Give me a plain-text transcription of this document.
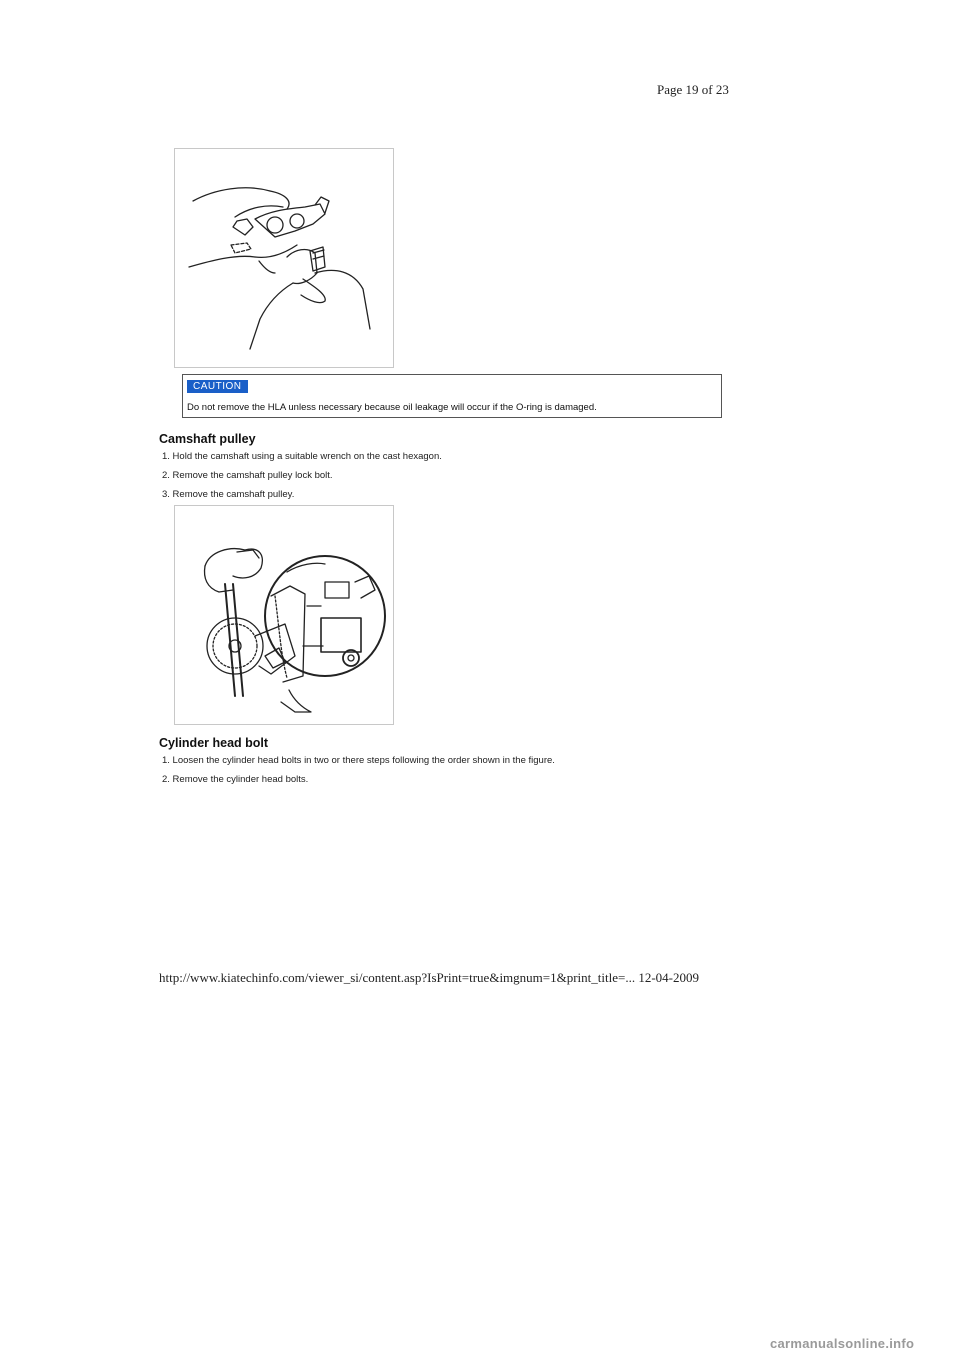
Page 19 of 23
CAUTION
Do not remove the HLA unless necessary because oil leakage will occur if the O-ring is damaged.
Camshaft pulley
1. Hold the camshaft using a suitable wrench on the cast hexagon.
2. Remove the camshaft pulley lock bolt.
3. Remove the camshaft pulley.
Cylinder head bolt
1. Loosen the cylinder head bolts in two or there steps following the order shown in the figure.
2. Remove the cylinder head bolts.
http://www.kiatechinfo.com/viewer_si/content.asp?IsPrint=true&imgnum=1&print_title=... 12-04-2009
carmanualsonline.info
